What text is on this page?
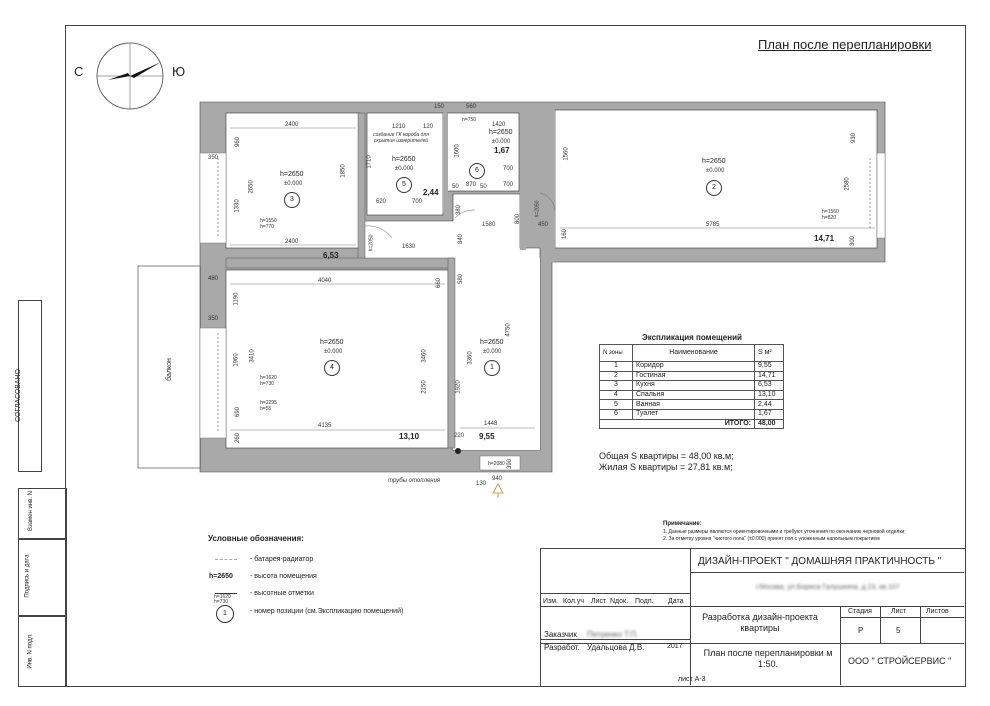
СОГЛАСОВАНО
Взамен инв. N
Подпись и дата
Инв. N подл.
План после перепланировки
С	Ю
h=2650
±0.000
3
6,53
h=2650
±0.000
5
2,44
создание ГК короба для скрытия измерителей
h=2650
±0.000
1,67
6
h=2650
±0.000
2
14,71
h=2650
±0.000
4
13,10
h=2650
±0.000
1
9,55
балкон
трубы отопления
2400
2400
4040
4135
5785
1630
1580
1448
1210	120	1420
560
150
870
50	50
620	700
700
700
350
350
480
450
220
940
130
h=2080
h=750
1850
1330
2650
960
3410
1960
1190
690
260
3460	3360
2150	1920
4750
1560
2580
930
300
160
800
840
660	580
390
1600
380
1710
h=2050
h=2050
h=1550
h=770
h=1620
h=730
h=2295
h=55
h=1560
h=820
Экспликация помещений
N зоны	Наименование	S м²
1	Коридор	9,55
2	Гостиная	14,71
3	Кухня	6,53
4	Спальня	13,10
5	Ванная	2,44
6	Туалет	1,67
ИТОГО:		48,00
Общая S квартиры = 48,00 кв.м;
Жилая S квартиры = 27,81 кв.м;
Примечание:
1. Данные размеры являются ориентировочными и требуют уточнения по окончанию черновой отделки;
2. За отметку уровня "чистого пола" (±0.000) принят пол с уложенным напольным покрытием
Условные обозначения:
- батарея-радиатор
h=2650 - высота помещения
- высотные отметки
h=1620
h=730
1	- номер позиции (см.Экспликацию помещений)
ДИЗАЙН-ПРОЕКТ " ДОМАШНЯЯ ПРАКТИЧНОСТЬ "
г.Москва, ул.Бориса Галушкина, д.23, кв.107
Изм. Кол.уч Лист Nдок. Подп. Дата
Разработка дизайн-проекта квартиры
Стадия	Лист	Листов
Р	5
Заказчик Петренко Т.П.
Разработ. Удальцова Д.В.	2017
План после перепланировки м 1:50.	ООО " СТРОЙСЕРВИС "
лист А-3
